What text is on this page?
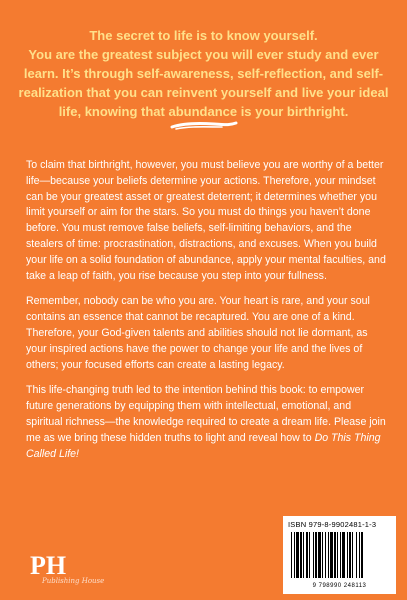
The secret to life is to know yourself.

You are the greatest subject you will ever study and ever learn. It’s through self-awareness, self-reflection, and self-realization that you can reinvent yourself and live your ideal life, knowing that abundance is your birthright.

To claim that birthright, however, you must believe you are worthy of a better life—because your beliefs determine your actions. Therefore, your mindset can be your greatest asset or greatest deterrent; it determines whether you limit yourself or aim for the stars. So you must do things you haven’t done before. You must remove false beliefs, self-limiting behaviors, and the stealers of time: procrastination, distractions, and excuses. When you build your life on a solid foundation of abundance, apply your mental faculties, and take a leap of faith, you rise because you step into your fullness.

Remember, nobody can be who you are. Your heart is rare, and your soul contains an essence that cannot be recaptured. You are one of a kind. Therefore, your God-given talents and abilities should not lie dormant, as your inspired actions have the power to change your life and the lives of others; your focused efforts can create a lasting legacy.

This life-changing truth led to the intention behind this book: to empower future generations by equipping them with intellectual, emotional, and spiritual richness—the knowledge required to create a dream life. Please join me as we bring these hidden truths to light and reveal how to Do This Thing Called Life!

PH
Publishing House
ISBN 979-8-9902481-1-3
9 798990 248113
